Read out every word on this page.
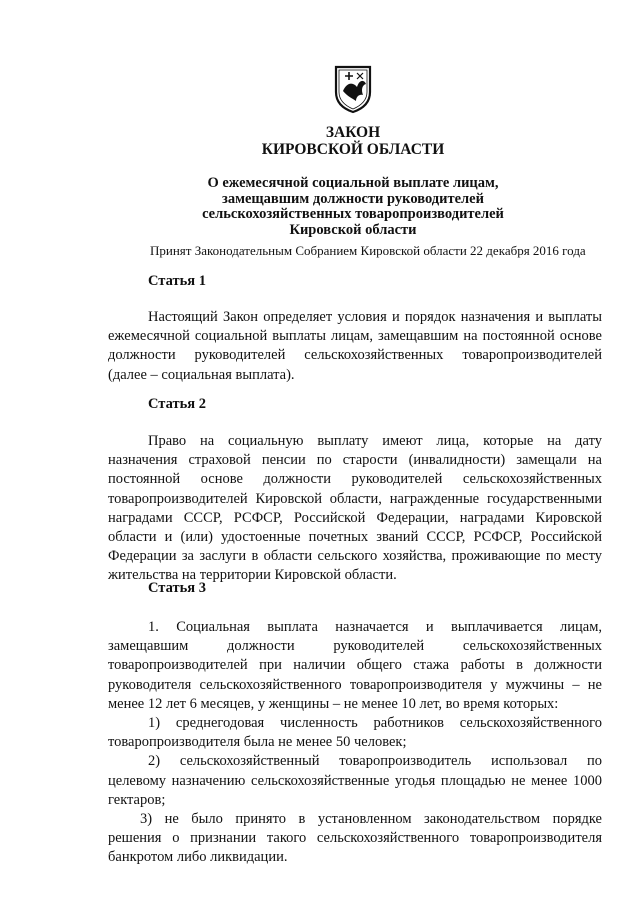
ЗАКОН

КИРОВСКОЙ ОБЛАСТИ

О ежемесячной социальной выплате лицам,
замещавшим должности руководителей
сельскохозяйственных товаропроизводителей
Кировской области

Принят Законодательным Собранием Кировской области 22 декабря 2016 года

Статья 1

Настоящий Закон определяет условия и порядок назначения и выплаты
ежемесячной социальной выплаты лицам, замещавшим на постоянной основе
должности руководителей сельскохозяйственных товаропроизводителей
(далее – социальная выплата).

Статья 2

Право на социальную выплату имеют лица, которые на дату
назначения страховой пенсии по старости (инвалидности) замещали на
постоянной основе должности руководителей сельскохозяйственных
товаропроизводителей Кировской области, награжденные государственными
наградами СССР, РСФСР, Российской Федерации, наградами Кировской
области и (или) удостоенные почетных званий СССР, РСФСР, Российской
Федерации за заслуги в области сельского хозяйства, проживающие по месту
жительства на территории Кировской области.

Статья 3

1. Социальная выплата назначается и выплачивается лицам,
замещавшим должности руководителей сельскохозяйственных
товаропроизводителей при наличии общего стажа работы в должности
руководителя сельскохозяйственного товаропроизводителя у мужчины – не
менее 12 лет 6 месяцев, у женщины – не менее 10 лет, во время которых:
1) среднегодовая численность работников сельскохозяйственного
товаропроизводителя была не менее 50 человек;
2) сельскохозяйственный товаропроизводитель использовал по
целевому назначению сельскохозяйственные угодья площадью не менее 1000
гектаров;
3) не было принято в установленном законодательством порядке
решения о признании такого сельскохозяйственного товаропроизводителя
банкротом либо ликвидации.
